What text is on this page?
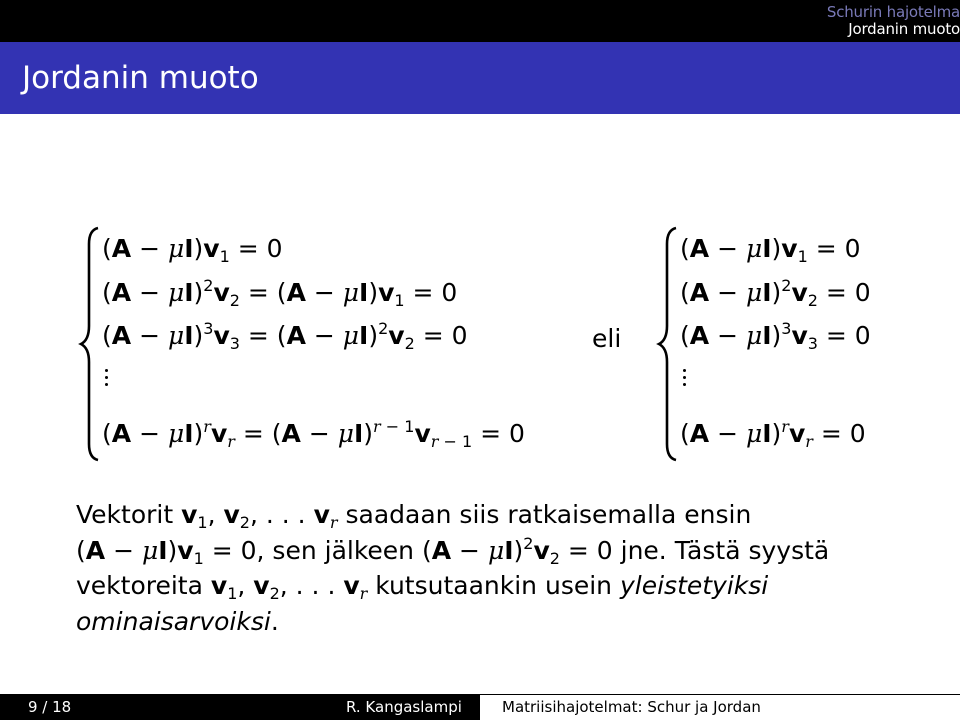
Schurin hajotelma
Jordanin muoto
Jordanin muoto
$(A - \mu I)v_1 = 0$
$(A - \mu I)^2v_2 = (A - \mu I)v_1 = 0$
$(A - \mu I)^3v_3 = (A - \mu I)^2v_2 = 0$
$(A - \mu I)^rv_r = (A - \mu I)^{r - 1}v_{r - 1} = 0$
eli
$(A - \mu I)v_1 = 0$
$(A - \mu I)^2v_2 = 0$
$(A - \mu I)^3v_3 = 0$
$(A - \mu I)^rv_r = 0$
Vektorit $v_1$, $v_2$, . . . $v_r$ saadaan siis ratkaisemalla ensin
$(A - \mu I)v_1 = 0$, sen jälkeen $(A - \mu I)^2v_2 = 0$ jne. Tästä syystä
vektoreita $v_1$, $v_2$, . . . $v_r$ kutsutaankin usein yleistetyiksi
ominaisarvoiksi.
9 / 18	R. Kangaslampi	Matriisihajotelmat: Schur ja Jordan
